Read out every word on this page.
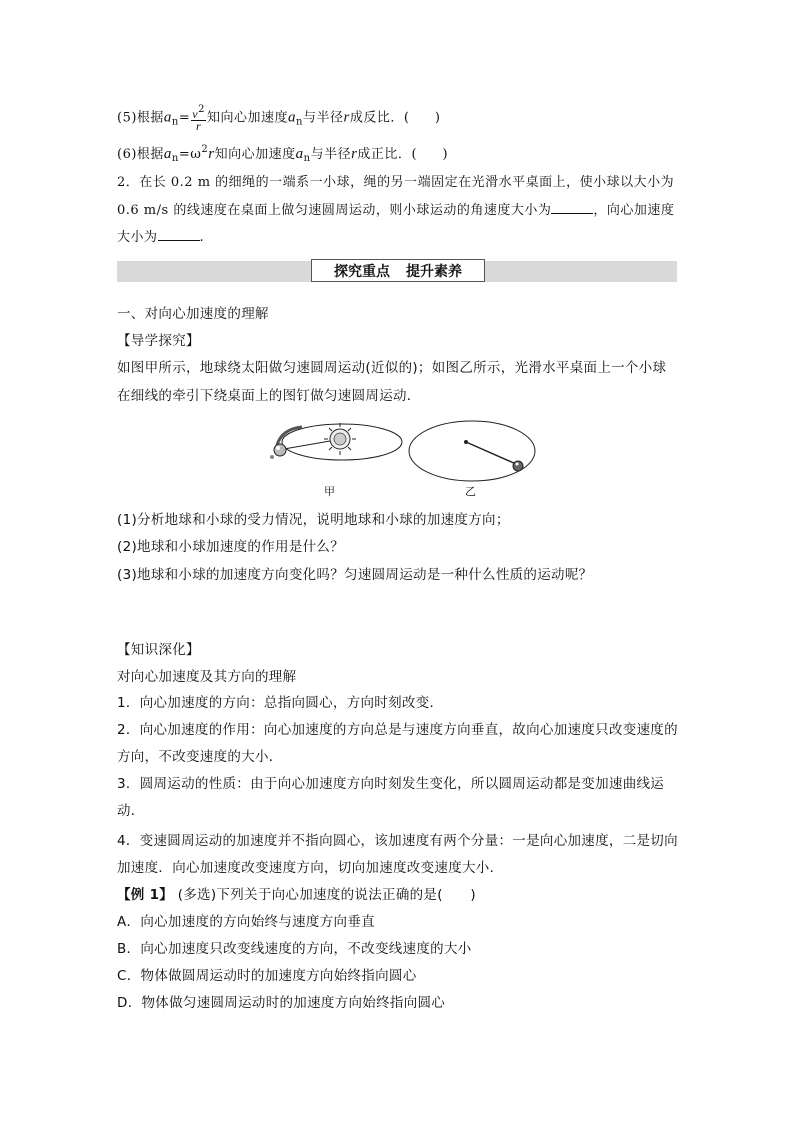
(5)根据$a_n= \frac{v^2}{r}$ 知向心加速度$a_n$与半径r成反比．(　　)
(6)根据$a_n=\omega^2r$知向心加速度$a_n$与半径r成正比．(　　)
2．在长 0.2 m 的细绳的一端系一小球，绳的另一端固定在光滑水平桌面上，使小球以大小为
0.6 m/s 的线速度在桌面上做匀速圆周运动，则小球运动的角速度大小为	，向心加速度
大小为	.
探究重点 提升素养
一、对向心加速度的理解
【导学探究】
如图甲所示，地球绕太阳做匀速圆周运动(近似的)；如图乙所示，光滑水平桌面上一个小球
在细线的牵引下绕桌面上的图钉做匀速圆周运动．
甲	乙
(1)分析地球和小球的受力情况，说明地球和小球的加速度方向；
(2)地球和小球加速度的作用是什么？
(3)地球和小球的加速度方向变化吗？匀速圆周运动是一种什么性质的运动呢？
【知识深化】
对向心加速度及其方向的理解
1．向心加速度的方向：总指向圆心，方向时刻改变．
2．向心加速度的作用：向心加速度的方向总是与速度方向垂直，故向心加速度只改变速度的
方向，不改变速度的大小．
3．圆周运动的性质：由于向心加速度方向时刻发生变化，所以圆周运动都是变加速曲线运
动．
4．变速圆周运动的加速度并不指向圆心，该加速度有两个分量：一是向心加速度，二是切向
加速度．向心加速度改变速度方向，切向加速度改变速度大小．
【例 1】 (多选)下列关于向心加速度的说法正确的是(　　)
A．向心加速度的方向始终与速度方向垂直
B．向心加速度只改变线速度的方向，不改变线速度的大小
C．物体做圆周运动时的加速度方向始终指向圆心
D．物体做匀速圆周运动时的加速度方向始终指向圆心
